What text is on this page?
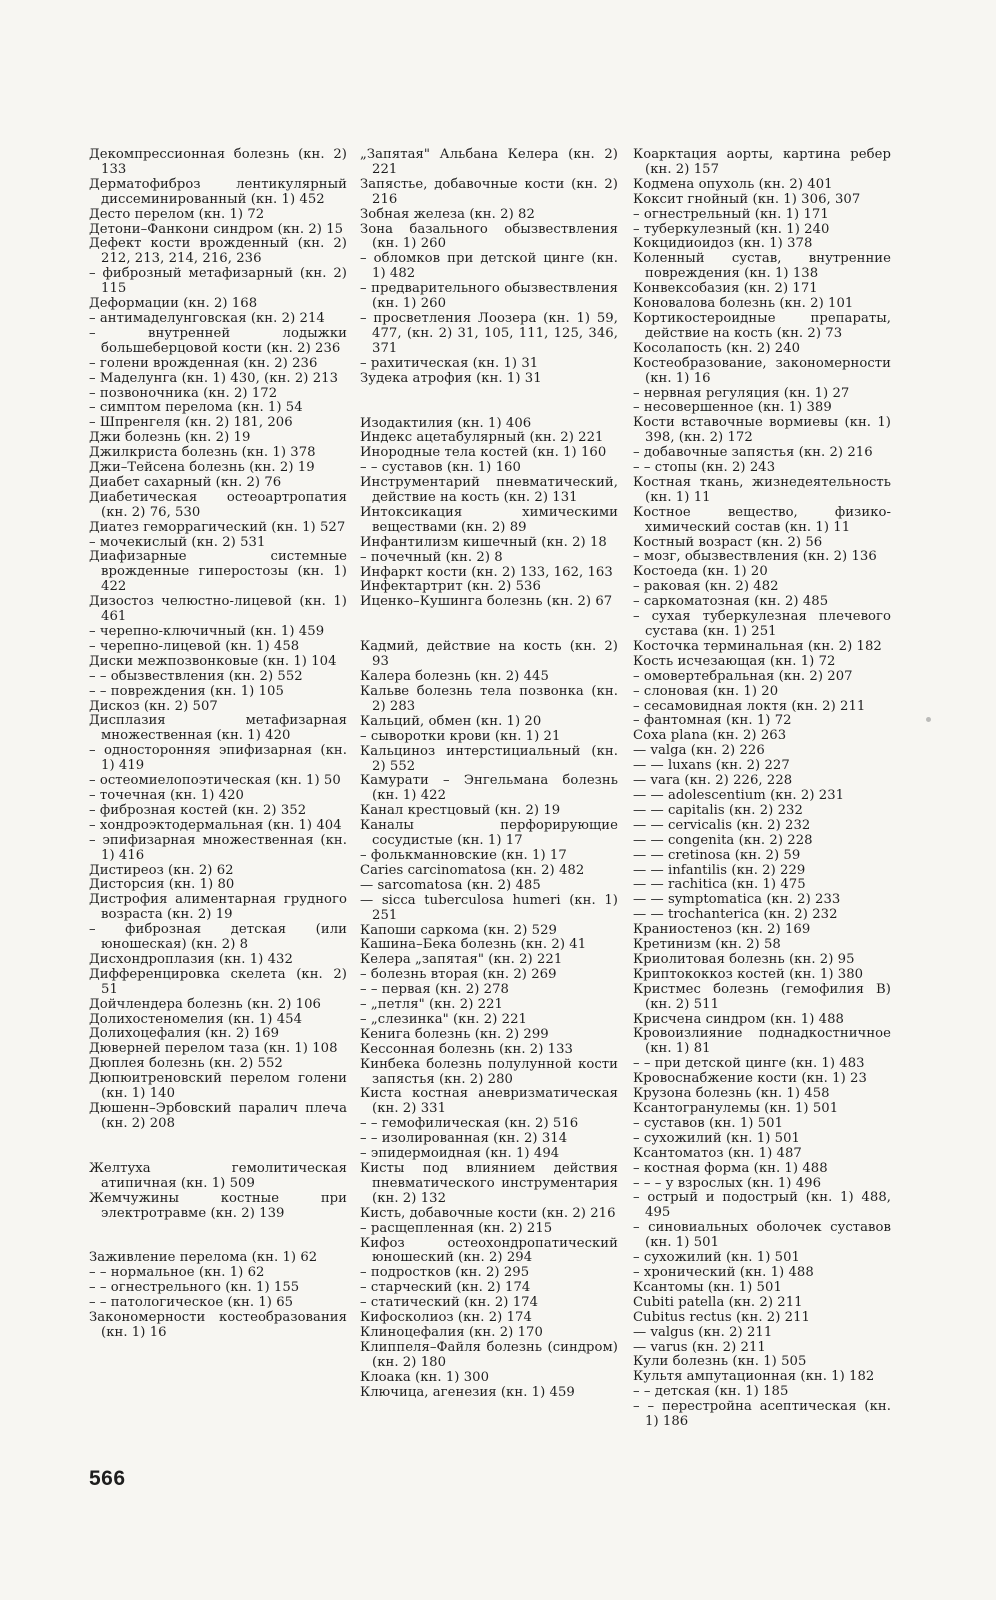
Декомпрессионная болезнь (кн. 2) 133

Дерматофиброз лентикулярный диссеминированный (кн. 1) 452

Десто перелом (кн. 1) 72

Детони–Фанкони синдром (кн. 2) 15

Дефект кости врожденный (кн. 2) 212, 213, 214, 216, 236

– фиброзный метафизарный (кн. 2) 115

Деформации (кн. 2) 168

– антимаделунговская (кн. 2) 214

– внутренней лодыжки большеберцовой кости (кн. 2) 236

– голени врожденная (кн. 2) 236

– Маделунга (кн. 1) 430, (кн. 2) 213

– позвоночника (кн. 2) 172

– симптом перелома (кн. 1) 54

– Шпренгеля (кн. 2) 181, 206

Джи болезнь (кн. 2) 19

Джилкриста болезнь (кн. 1) 378

Джи–Тейсена болезнь (кн. 2) 19

Диабет сахарный (кн. 2) 76

Диабетическая остеоартропатия (кн. 2) 76, 530

Диатез геморрагический (кн. 1) 527

– мочекислый (кн. 2) 531

Диафизарные системные врожденные гиперостозы (кн. 1) 422

Дизостоз челюстно-лицевой (кн. 1) 461

– черепно-ключичный (кн. 1) 459

– черепно-лицевой (кн. 1) 458

Диски межпозвонковые (кн. 1) 104

– – обызвествления (кн. 2) 552

– – повреждения (кн. 1) 105

Дискоз (кн. 2) 507

Дисплазия метафизарная множественная (кн. 1) 420

– односторонняя эпифизарная (кн. 1) 419

– остеомиелопоэтическая (кн. 1) 50

– точечная (кн. 1) 420

– фиброзная костей (кн. 2) 352

– хондроэктодермальная (кн. 1) 404

– эпифизарная множественная (кн. 1) 416

Дистиреоз (кн. 2) 62

Дисторсия (кн. 1) 80

Дистрофия алиментарная грудного возраста (кн. 2) 19

– фиброзная детская (или юношеская) (кн. 2) 8

Дисхондроплазия (кн. 1) 432

Дифференцировка скелета (кн. 2) 51

Дойчлендера болезнь (кн. 2) 106

Долихостеномелия (кн. 1) 454

Долихоцефалия (кн. 2) 169

Дюверней перелом таза (кн. 1) 108

Дюплея болезнь (кн. 2) 552

Дюпюитреновский перелом голени (кн. 1) 140

Дюшенн–Эрбовский паралич плеча (кн. 2) 208

Желтуха гемолитическая атипичная (кн. 1) 509

Жемчужины костные при электротравме (кн. 2) 139

Заживление перелома (кн. 1) 62

– – нормальное (кн. 1) 62

– – огнестрельного (кн. 1) 155

– – патологическое (кн. 1) 65

Закономерности костеобразования (кн. 1) 16

„Запятая" Альбана Келера (кн. 2) 221

Запястье, добавочные кости (кн. 2) 216

Зобная железа (кн. 2) 82

Зона базального обызвествления (кн. 1) 260

– обломков при детской цинге (кн. 1) 482

– предварительного обызвествления (кн. 1) 260

– просветления Лоозера (кн. 1) 59, 477, (кн. 2) 31, 105, 111, 125, 346, 371

– рахитическая (кн. 1) 31

Зудека атрофия (кн. 1) 31

Изодактилия (кн. 1) 406

Индекс ацетабулярный (кн. 2) 221

Инородные тела костей (кн. 1) 160

– – суставов (кн. 1) 160

Инструментарий пневматический, действие на кость (кн. 2) 131

Интоксикация химическими веществами (кн. 2) 89

Инфантилизм кишечный (кн. 2) 18

– почечный (кн. 2) 8

Инфаркт кости (кн. 2) 133, 162, 163

Инфектартрит (кн. 2) 536

Иценко–Кушинга болезнь (кн. 2) 67

Кадмий, действие на кость (кн. 2) 93

Калера болезнь (кн. 2) 445

Кальве болезнь тела позвонка (кн. 2) 283

Кальций, обмен (кн. 1) 20

– сыворотки крови (кн. 1) 21

Кальциноз интерстициальный (кн. 2) 552

Камурати – Энгельмана болезнь (кн. 1) 422

Канал крестцовый (кн. 2) 19

Каналы перфорирующие сосудистые (кн. 1) 17

– фолькманновские (кн. 1) 17

Caries carcinomatosa (кн. 2) 482

— sarcomatosa (кн. 2) 485

— sicca tuberculosa humeri (кн. 1) 251

Капоши саркома (кн. 2) 529

Кашина–Бека болезнь (кн. 2) 41

Келера „запятая" (кн. 2) 221

– болезнь вторая (кн. 2) 269

– – первая (кн. 2) 278

– „петля" (кн. 2) 221

– „слезинка" (кн. 2) 221

Кенига болезнь (кн. 2) 299

Кессонная болезнь (кн. 2) 133

Кинбека болезнь полулунной кости запястья (кн. 2) 280

Киста костная аневризматическая (кн. 2) 331

– – гемофилическая (кн. 2) 516

– – изолированная (кн. 2) 314

– эпидермоидная (кн. 1) 494

Кисты под влиянием действия пневматического инструментария (кн. 2) 132

Кисть, добавочные кости (кн. 2) 216

– расщепленная (кн. 2) 215

Кифоз остеохондропатический юношеский (кн. 2) 294

– подростков (кн. 2) 295

– старческий (кн. 2) 174

– статический (кн. 2) 174

Кифосколиоз (кн. 2) 174

Клиноцефалия (кн. 2) 170

Клиппеля–Файля болезнь (синдром) (кн. 2) 180

Клоака (кн. 1) 300

Ключица, агенезия (кн. 1) 459

Коарктация аорты, картина ребер (кн. 2) 157

Кодмена опухоль (кн. 2) 401

Коксит гнойный (кн. 1) 306, 307

– огнестрельный (кн. 1) 171

– туберкулезный (кн. 1) 240

Кокцидиоидоз (кн. 1) 378

Коленный сустав, внутренние повреждения (кн. 1) 138

Конвексобазия (кн. 2) 171

Коновалова болезнь (кн. 2) 101

Кортикостероидные препараты, действие на кость (кн. 2) 73

Косолапость (кн. 2) 240

Костеобразование, закономерности (кн. 1) 16

– нервная регуляция (кн. 1) 27

– несовершенное (кн. 1) 389

Кости вставочные вормиевы (кн. 1) 398, (кн. 2) 172

– добавочные запястья (кн. 2) 216

– – стопы (кн. 2) 243

Костная ткань, жизнедеятельность (кн. 1) 11

Костное вещество, физико-химический состав (кн. 1) 11

Костный возраст (кн. 2) 56

– мозг, обызвествления (кн. 2) 136

Костоеда (кн. 1) 20

– раковая (кн. 2) 482

– саркоматозная (кн. 2) 485

– сухая туберкулезная плечевого сустава (кн. 1) 251

Косточка терминальная (кн. 2) 182

Кость исчезающая (кн. 1) 72

– омовертебральная (кн. 2) 207

– слоновая (кн. 1) 20

– сесамовидная локтя (кн. 2) 211

– фантомная (кн. 1) 72

Coxa plana (кн. 2) 263

— valga (кн. 2) 226

— — luxans (кн. 2) 227

— vara (кн. 2) 226, 228

— — adolescentium (кн. 2) 231

— — capitalis (кн. 2) 232

— — cervicalis (кн. 2) 232

— — congenita (кн. 2) 228

— — cretinosa (кн. 2) 59

— — infantilis (кн. 2) 229

— — rachitica (кн. 1) 475

— — symptomatica (кн. 2) 233

— — trochanterica (кн. 2) 232

Краниостеноз (кн. 2) 169

Кретинизм (кн. 2) 58

Криолитовая болезнь (кн. 2) 95

Криптококкоз костей (кн. 1) 380

Кристмес болезнь (гемофилия В) (кн. 2) 511

Крисчена синдром (кн. 1) 488

Кровоизлияние поднадкостничное (кн. 1) 81

– – при детской цинге (кн. 1) 483

Кровоснабжение кости (кн. 1) 23

Крузона болезнь (кн. 1) 458

Ксантогранулемы (кн. 1) 501

– суставов (кн. 1) 501

– сухожилий (кн. 1) 501

Ксантоматоз (кн. 1) 487

– костная форма (кн. 1) 488

– – – у взрослых (кн. 1) 496

– острый и подострый (кн. 1) 488, 495

– синовиальных оболочек суставов (кн. 1) 501

– сухожилий (кн. 1) 501

– хронический (кн. 1) 488

Ксантомы (кн. 1) 501

Cubiti patella (кн. 2) 211

Cubitus rectus (кн. 2) 211

— valgus (кн. 2) 211

— varus (кн. 2) 211

Кули болезнь (кн. 1) 505

Культя ампутационная (кн. 1) 182

– – детская (кн. 1) 185

– – перестройна асептическая (кн. 1) 186

566
